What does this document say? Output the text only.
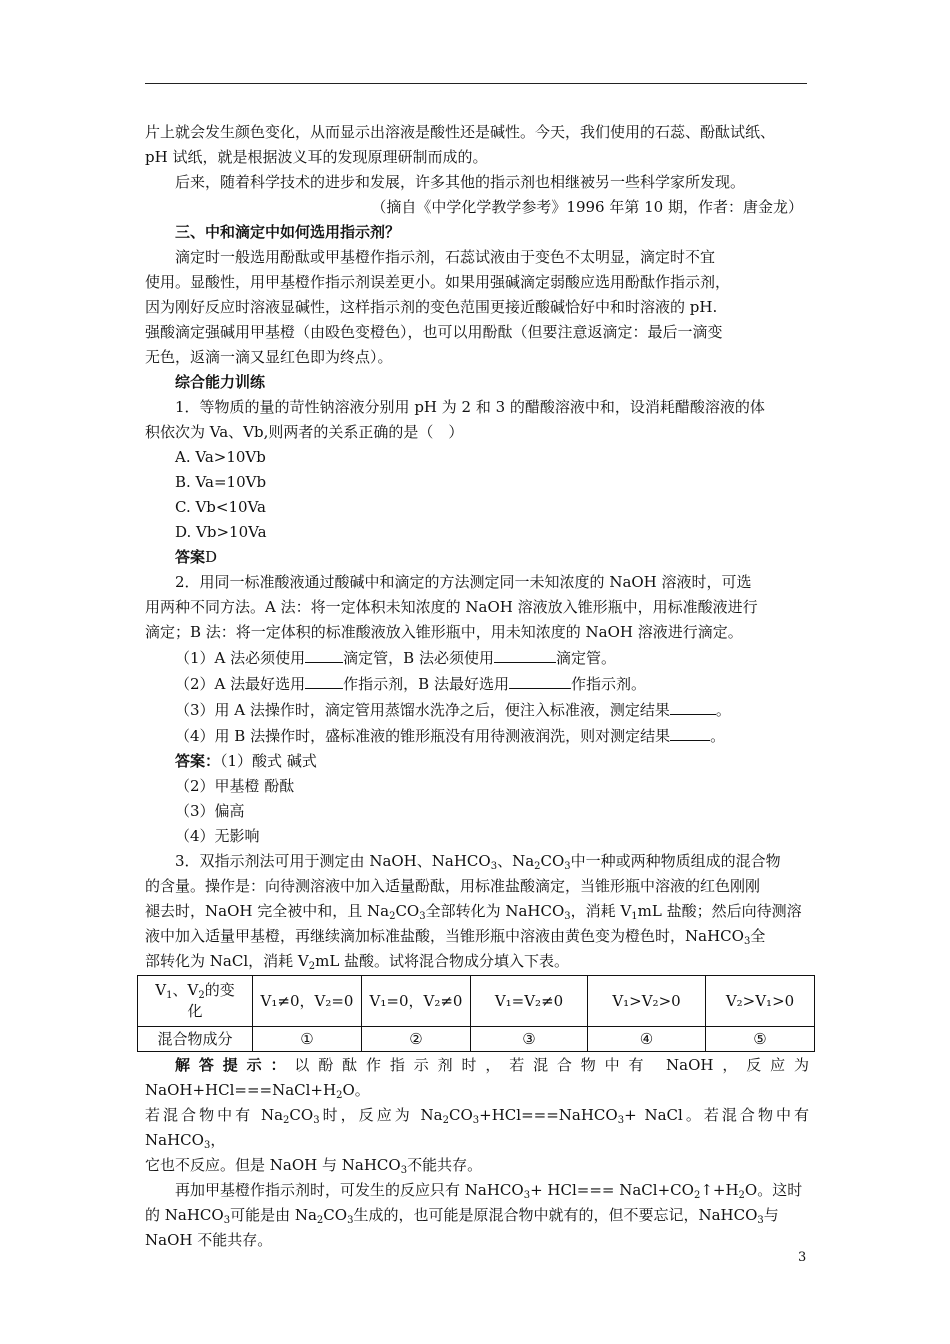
片上就会发生颜色变化，从而显示出溶液是酸性还是碱性。今天，我们使用的石蕊、酚酞试纸、

pH 试纸，就是根据波义耳的发现原理研制而成的。

后来，随着科学技术的进步和发展，许多其他的指示剂也相继被另一些科学家所发现。

（摘自《中学化学教学参考》1996 年第 10 期，作者：唐金龙）

三、中和滴定中如何选用指示剂？

滴定时一般选用酚酞或甲基橙作指示剂，石蕊试液由于变色不太明显，滴定时不宜

使用。显酸性，用甲基橙作指示剂误差更小。如果用强碱滴定弱酸应选用酚酞作指示剂，

因为刚好反应时溶液显碱性，这样指示剂的变色范围更接近酸碱恰好中和时溶液的 pH.

强酸滴定强碱用甲基橙（由殴色变橙色），也可以用酚酞（但要注意返滴定：最后一滴变

无色，返滴一滴又显红色即为终点）。

综合能力训练

1．等物质的量的苛性钠溶液分别用 pH 为 2 和 3 的醋酸溶液中和，设消耗醋酸溶液的体

积依次为 Va、Vb,则两者的关系正确的是（　）

A. Va>10Vb

B. Va=10Vb

C. Vb<10Va

D. Vb>10Va

答案D

2．用同一标准酸液通过酸碱中和滴定的方法测定同一未知浓度的 NaOH 溶液时，可选

用两种不同方法。A 法：将一定体积未知浓度的 NaOH 溶液放入锥形瓶中，用标准酸液进行

滴定；B 法：将一定体积的标准酸液放入锥形瓶中，用未知浓度的 NaOH 溶液进行滴定。

（1）A 法必须使用	滴定管，B 法必须使用	滴定管。

（2）A 法最好选用	作指示剂，B 法最好选用	作指示剂。

（3）用 A 法操作时，滴定管用蒸馏水洗净之后，便注入标准液，测定结果	。

（4）用 B 法操作时，盛标准液的锥形瓶没有用待测液润洗，则对测定结果	。

答案：（1）酸式 碱式

（2）甲基橙 酚酞

（3）偏高

（4）无影响

3．双指示剂法可用于测定由 NaOH、NaHCO$_3$、$Na_2CO_3$中一种或两种物质组成的混合物

的含量。操作是：向待测溶液中加入适量酚酞，用标准盐酸滴定，当锥形瓶中溶液的红色刚刚

褪去时，NaOH 完全被中和，且 $Na_2CO_3$全部转化为 NaHCO$_3$，消耗 $V_1mL$ 盐酸；然后向待测溶

液中加入适量甲基橙，再继续滴加标准盐酸，当锥形瓶中溶液由黄色变为橙色时，NaHCO$_3$全

部转化为 NaCl，消耗 $V_2mL$ 盐酸。试将混合物成分填入下表。

$V_1$、$V_2$的变
化	V₁≠0，V₂=0	V₁=0，V₂≠0	V₁=V₂≠0	V₁>V₂>0	V₂>V₁>0
混合物成分	①	②	③	④	⑤

解答提示：以酚酞作指示剂时，若混合物中有 NaOH，反应为 $NaOH+HCl===NaCl+H_2O$。

若混合物中有 $Na_2CO_3$时，反应为 $Na_2CO_3+HCl===NaHCO_3+$ NaCl。若混合物中有 NaHCO$_3$，

它也不反应。但是 NaOH 与 NaHCO$_3$不能共存。

再加甲基橙作指示剂时，可发生的反应只有 NaHCO$_3$+ $HCl=== NaCl+CO_2↑+H_2O$。这时

的 NaHCO$_3$可能是由 $Na_2CO_3$生成的，也可能是原混合物中就有的，但不要忘记，NaHCO$_3$与

NaOH 不能共存。

3
